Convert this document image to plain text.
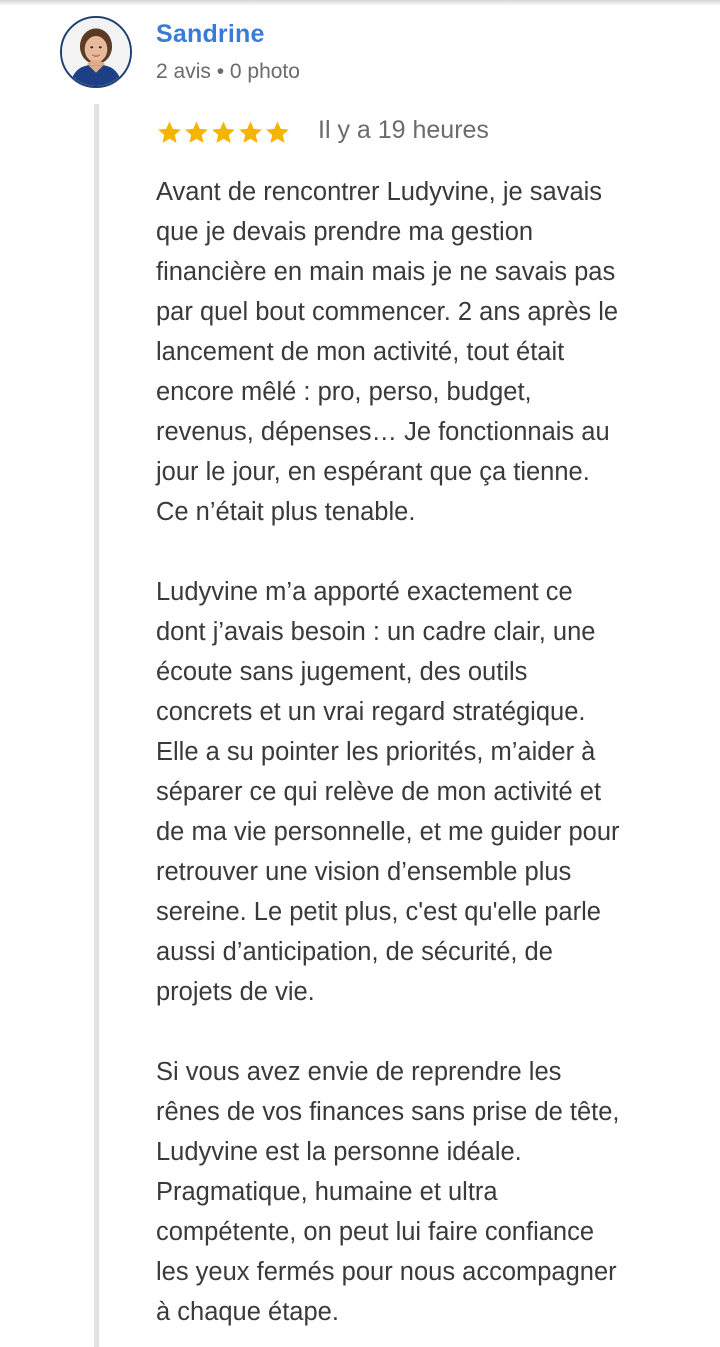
Sandrine
2 avis • 0 photo
Il y a 19 heures

Avant de rencontrer Ludyvine, je savais
que je devais prendre ma gestion
financière en main mais je ne savais pas
par quel bout commencer. 2 ans après le
lancement de mon activité, tout était
encore mêlé : pro, perso, budget,
revenus, dépenses… Je fonctionnais au
jour le jour, en espérant que ça tienne.
Ce n’était plus tenable.

Ludyvine m’a apporté exactement ce
dont j’avais besoin : un cadre clair, une
écoute sans jugement, des outils
concrets et un vrai regard stratégique.
Elle a su pointer les priorités, m’aider à
séparer ce qui relève de mon activité et
de ma vie personnelle, et me guider pour
retrouver une vision d’ensemble plus
sereine. Le petit plus, c'est qu'elle parle
aussi d’anticipation, de sécurité, de
projets de vie.

Si vous avez envie de reprendre les
rênes de vos finances sans prise de tête,
Ludyvine est la personne idéale.
Pragmatique, humaine et ultra
compétente, on peut lui faire confiance
les yeux fermés pour nous accompagner
à chaque étape.
